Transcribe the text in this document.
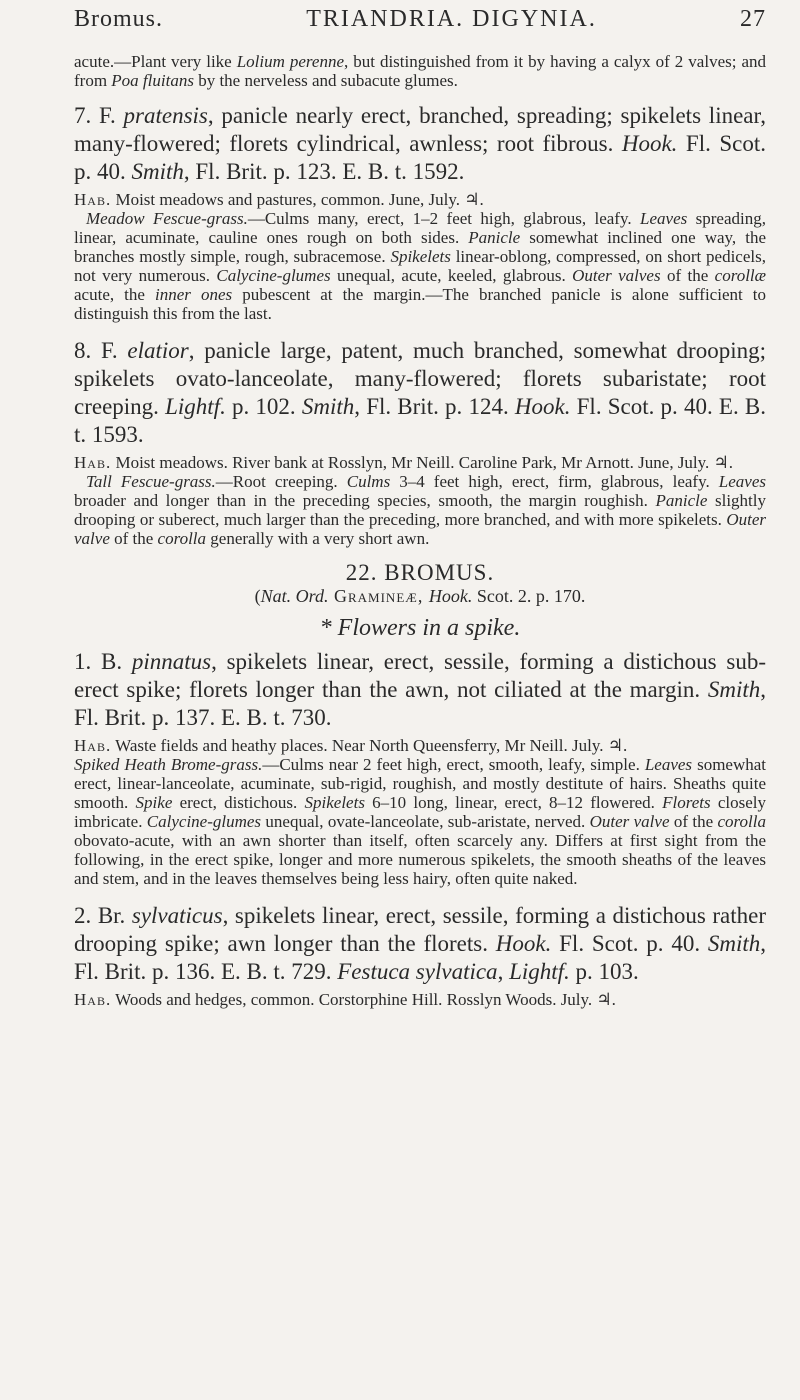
Bromus.	TRIANDRIA. DIGYNIA.	27

acute.—Plant very like Lolium perenne, but distinguished from it by having a calyx of 2 valves; and from Poa fluitans by the nerveless and subacute glumes.

7. F. pratensis, panicle nearly erect, branched, spreading; spikelets linear, many-flowered; florets cylindrical, awnless; root fibrous. Hook. Fl. Scot. p. 40. Smith, Fl. Brit. p. 123. E. B. t. 1592.

Hab. Moist meadows and pastures, common. June, July. ♃.

Meadow Fescue-grass.—Culms many, erect, 1–2 feet high, glabrous, leafy. Leaves spreading, linear, acuminate, cauline ones rough on both sides. Panicle somewhat inclined one way, the branches mostly simple, rough, subracemose. Spikelets linear-oblong, compressed, on short pedicels, not very numerous. Calycine-glumes unequal, acute, keeled, glabrous. Outer valves of the corollæ acute, the inner ones pubescent at the margin.—The branched panicle is alone sufficient to distinguish this from the last.

8. F. elatior, panicle large, patent, much branched, somewhat drooping; spikelets ovato-lanceolate, many-flowered; florets subaristate; root creeping. Lightf. p. 102. Smith, Fl. Brit. p. 124. Hook. Fl. Scot. p. 40. E. B. t. 1593.

Hab. Moist meadows. River bank at Rosslyn, Mr Neill. Caroline Park, Mr Arnott. June, July. ♃.

Tall Fescue-grass.—Root creeping. Culms 3–4 feet high, erect, firm, glabrous, leafy. Leaves broader and longer than in the preceding species, smooth, the margin roughish. Panicle slightly drooping or suberect, much larger than the preceding, more branched, and with more spikelets. Outer valve of the corolla generally with a very short awn.

22. BROMUS.

(Nat. Ord. Gramineæ, Hook. Scot. 2. p. 170.

* Flowers in a spike.

1. B. pinnatus, spikelets linear, erect, sessile, forming a distichous sub-erect spike; florets longer than the awn, not ciliated at the margin. Smith, Fl. Brit. p. 137. E. B. t. 730.

Hab. Waste fields and heathy places. Near North Queensferry, Mr Neill. July. ♃.

Spiked Heath Brome-grass.—Culms near 2 feet high, erect, smooth, leafy, simple. Leaves somewhat erect, linear-lanceolate, acuminate, sub-rigid, roughish, and mostly destitute of hairs. Sheaths quite smooth. Spike erect, distichous. Spikelets 6–10 long, linear, erect, 8–12 flowered. Florets closely imbricate. Calycine-glumes unequal, ovate-lanceolate, sub-aristate, nerved. Outer valve of the corolla obovato-acute, with an awn shorter than itself, often scarcely any. Differs at first sight from the following, in the erect spike, longer and more numerous spikelets, the smooth sheaths of the leaves and stem, and in the leaves themselves being less hairy, often quite naked.

2. Br. sylvaticus, spikelets linear, erect, sessile, forming a distichous rather drooping spike; awn longer than the florets. Hook. Fl. Scot. p. 40. Smith, Fl. Brit. p. 136. E. B. t. 729. Festuca sylvatica, Lightf. p. 103.

Hab. Woods and hedges, common. Corstorphine Hill. Rosslyn Woods. July. ♃.
